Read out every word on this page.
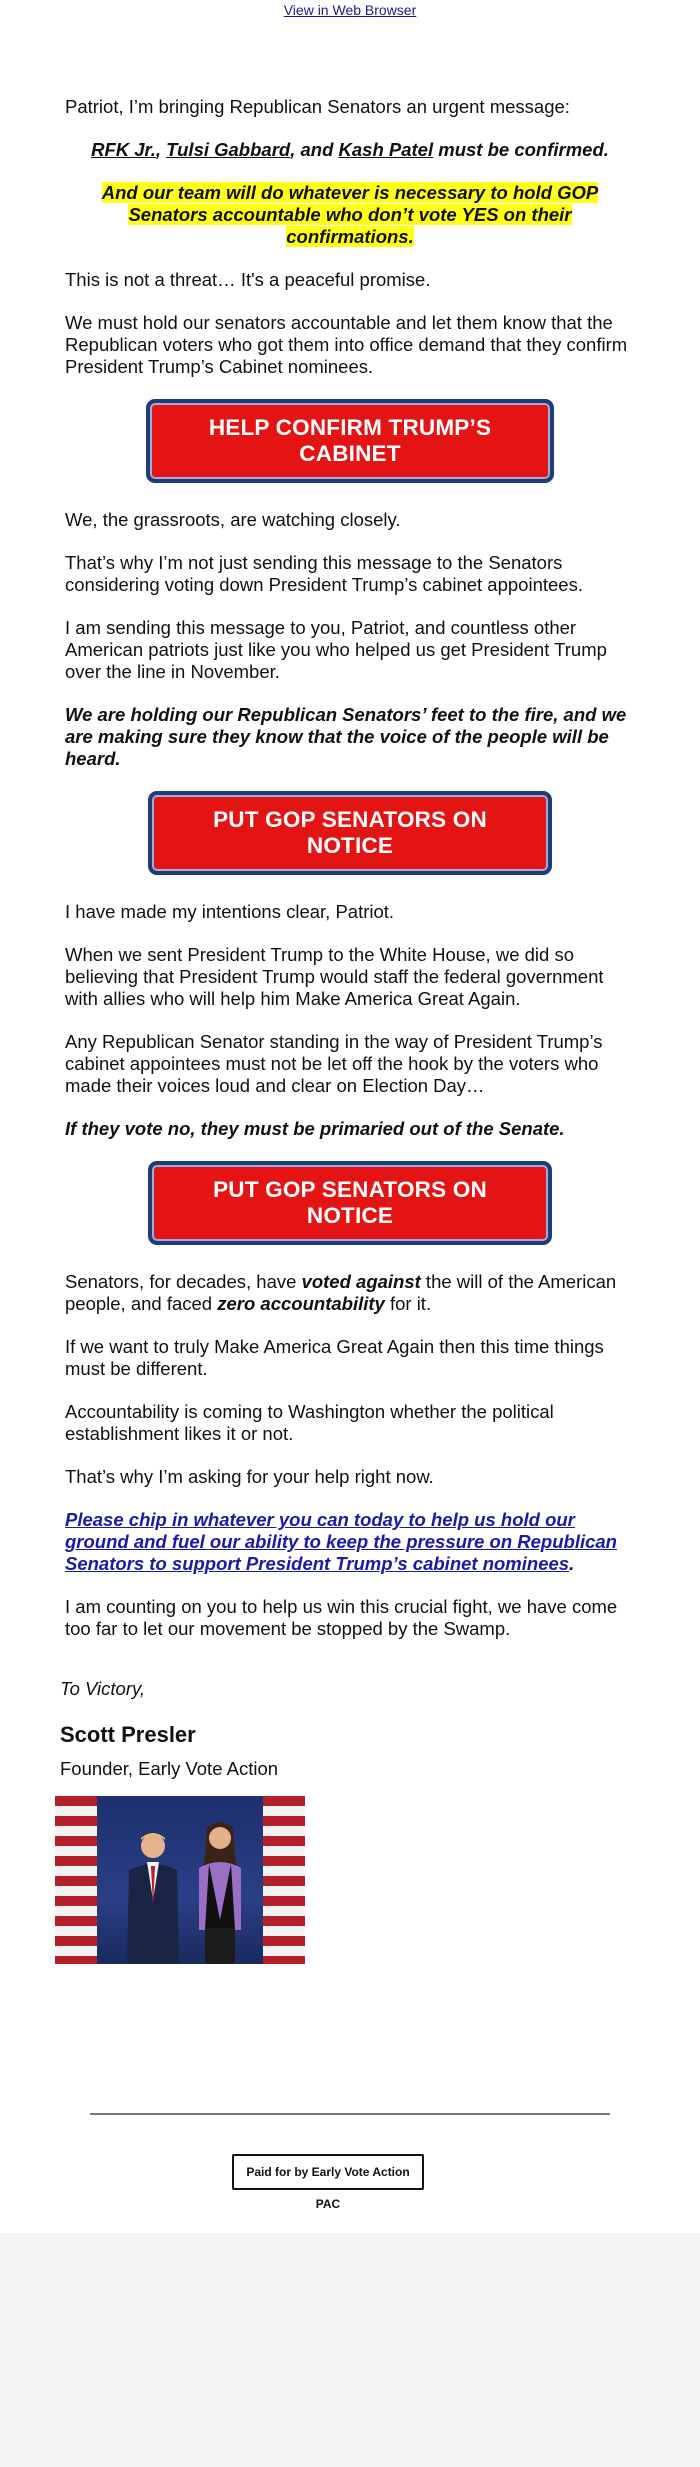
View in Web Browser

Patriot, I’m bringing Republican Senators an urgent message:

RFK Jr., Tulsi Gabbard, and Kash Patel must be confirmed.

And our team will do whatever is necessary to hold GOP Senators accountable who don’t vote YES on their confirmations.

This is not a threat… It's a peaceful promise.

We must hold our senators accountable and let them know that the Republican voters who got them into office demand that they confirm President Trump’s Cabinet nominees.

HELP CONFIRM TRUMP’S CABINET

We, the grassroots, are watching closely.

That’s why I’m not just sending this message to the Senators considering voting down President Trump’s cabinet appointees.

I am sending this message to you, Patriot, and countless other American patriots just like you who helped us get President Trump over the line in November.

We are holding our Republican Senators’ feet to the fire, and we are making sure they know that the voice of the people will be heard.

PUT GOP SENATORS ON NOTICE

I have made my intentions clear, Patriot.

When we sent President Trump to the White House, we did so believing that President Trump would staff the federal government with allies who will help him Make America Great Again.

Any Republican Senator standing in the way of President Trump’s cabinet appointees must not be let off the hook by the voters who made their voices loud and clear on Election Day…

If they vote no, they must be primaried out of the Senate.

PUT GOP SENATORS ON NOTICE

Senators, for decades, have voted against the will of the American people, and faced zero accountability for it.

If we want to truly Make America Great Again then this time things must be different.

Accountability is coming to Washington whether the political establishment likes it or not.

That’s why I’m asking for your help right now.

Please chip in whatever you can today to help us hold our ground and fuel our ability to keep the pressure on Republican Senators to support President Trump’s cabinet nominees.

I am counting on you to help us win this crucial fight, we have come too far to let our movement be stopped by the Swamp.

To Victory,
Scott Presler
Founder, Early Vote Action
Paid for by Early Vote Action PAC
